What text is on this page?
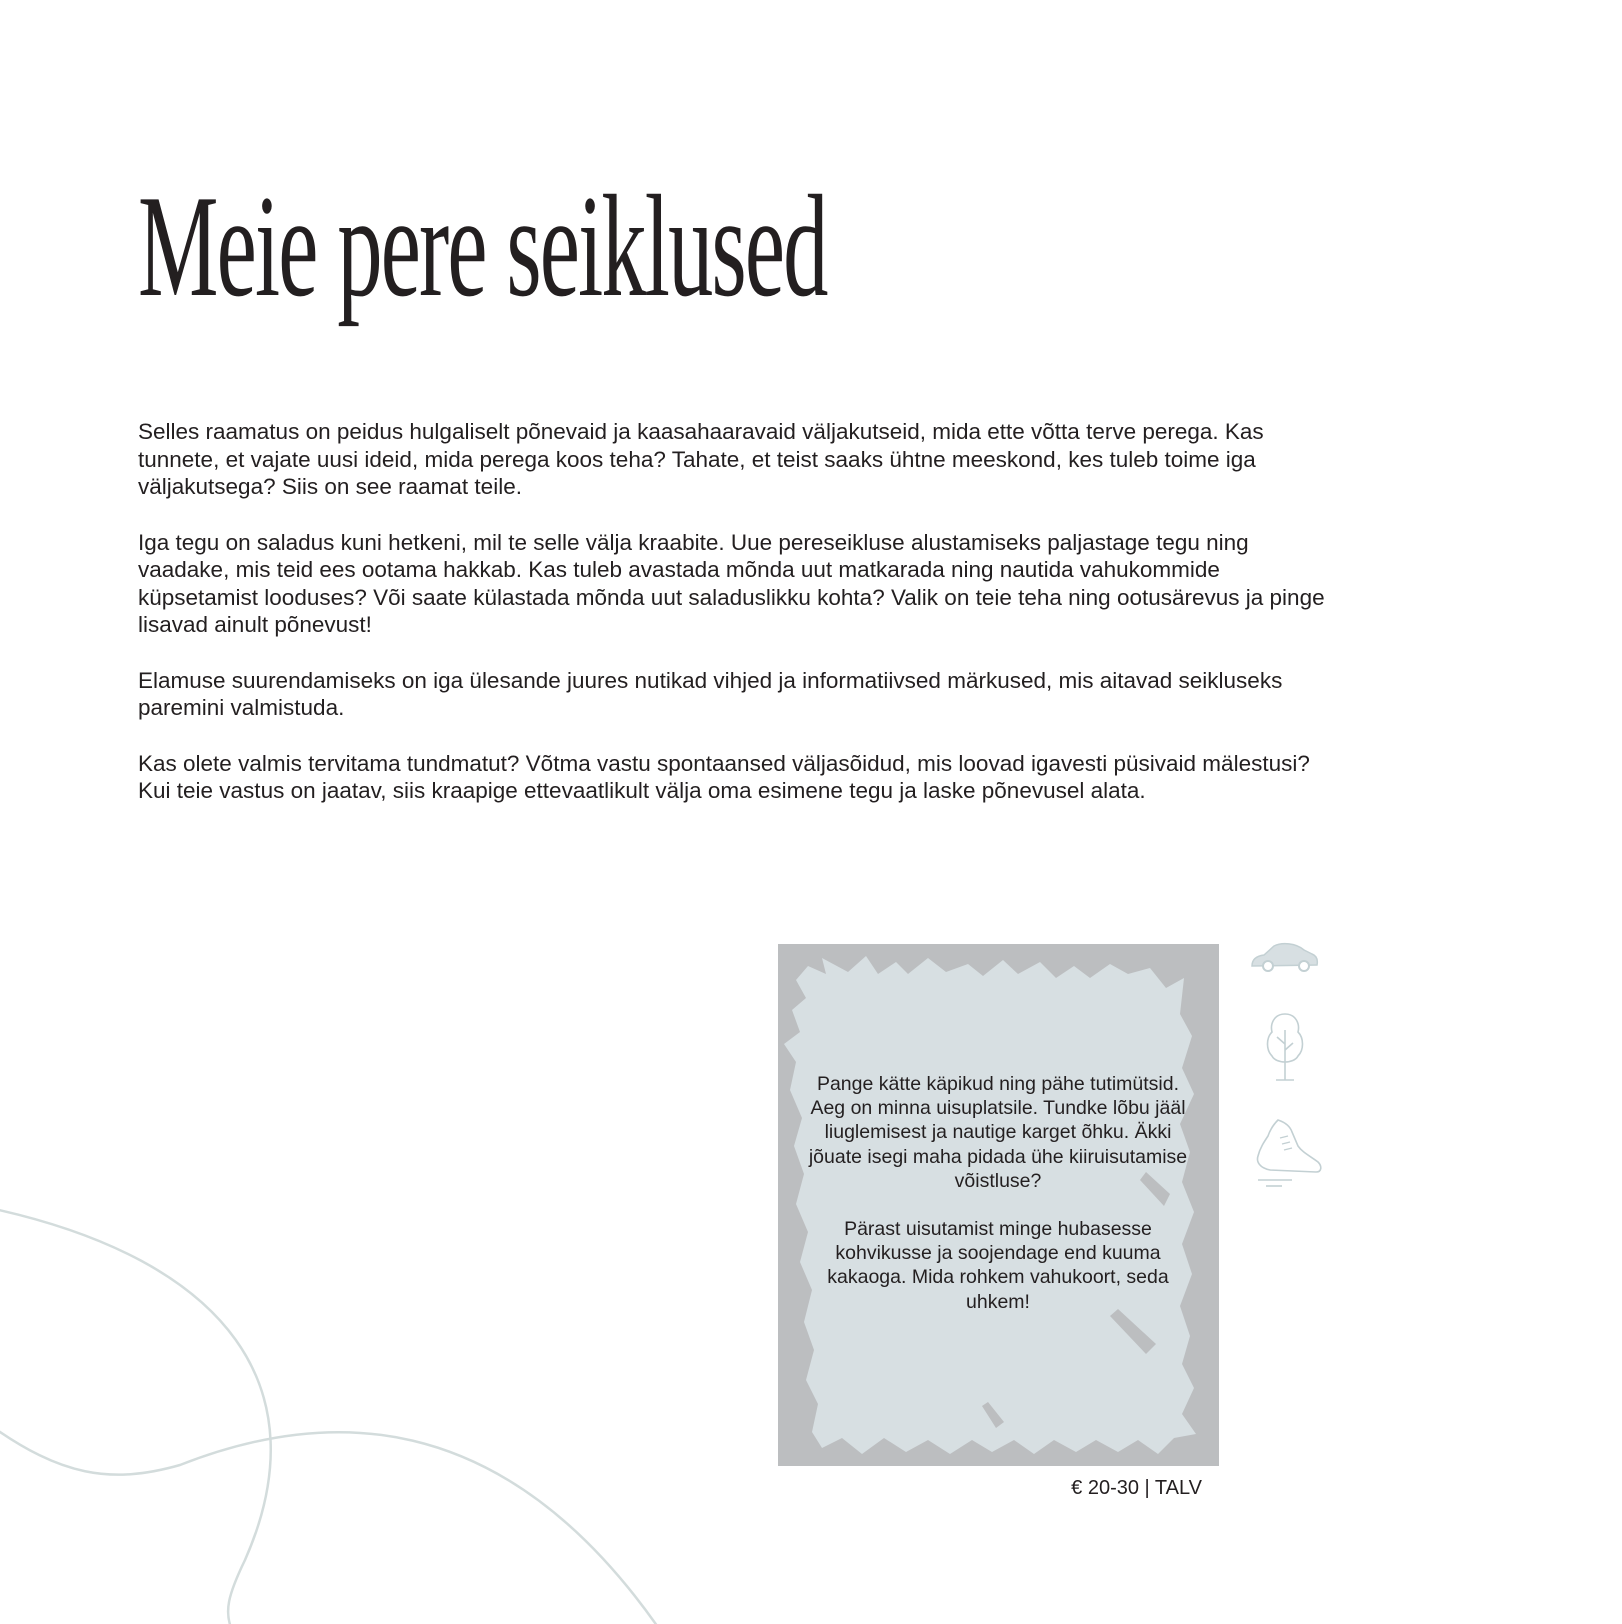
Meie pere seiklused

Selles raamatus on peidus hulgaliselt põnevaid ja kaasahaaravaid väljakutseid, mida ette võtta terve perega. Kas tunnete, et vajate uusi ideid, mida perega koos teha? Tahate, et teist saaks ühtne meeskond, kes tuleb toime iga väljakutsega? Siis on see raamat teile.

Iga tegu on saladus kuni hetkeni, mil te selle välja kraabite. Uue pereseikluse alustamiseks paljastage tegu ning vaadake, mis teid ees ootama hakkab. Kas tuleb avastada mõnda uut matkarada ning nautida vahukommide küpsetamist looduses? Või saate külastada mõnda uut saladuslikku kohta? Valik on teie teha ning ootusärevus ja pinge lisavad ainult põnevust!

Elamuse suurendamiseks on iga ülesande juures nutikad vihjed ja informatiivsed märkused, mis aitavad seikluseks paremini valmistuda.

Kas olete valmis tervitama tundmatut? Võtma vastu spontaansed väljasõidud, mis loovad igavesti püsivaid mälestusi? Kui teie vastus on jaatav, siis kraapige ettevaatlikult välja oma esimene tegu ja laske põnevusel alata.

Pange kätte käpikud ning pähe tutimütsid. Aeg on minna uisuplatsile. Tundke lõbu jääl liuglemisest ja nautige karget õhku. Äkki jõuate isegi maha pidada ühe kiiruisutamise võistluse?

Pärast uisutamist minge hubasesse kohvikusse ja soojendage end kuuma kakaoga. Mida rohkem vahukoort, seda uhkem!

€ 20-30 | TALV
